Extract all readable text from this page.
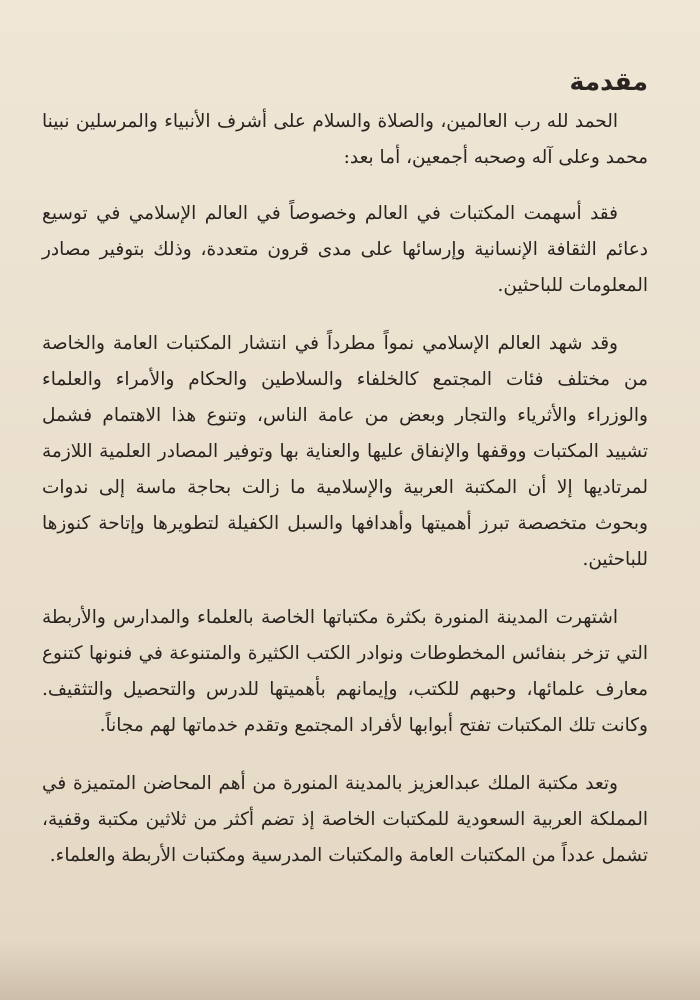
مقدمة

الحمد لله رب العالمين، والصلاة والسلام على أشرف الأنبياء والمرسلين نبينا محمد وعلى آله وصحبه أجمعين، أما بعد:

فقد أسهمت المكتبات في العالم وخصوصاً في العالم الإسلامي في توسيع دعائم الثقافة الإنسانية وإرسائها على مدى قرون متعددة، وذلك بتوفير مصادر المعلومات للباحثين.

وقد شهد العالم الإسلامي نمواً مطرداً في انتشار المكتبات العامة والخاصة من مختلف فئات المجتمع كالخلفاء والسلاطين والحكام والأمراء والعلماء والوزراء والأثرياء والتجار وبعض من عامة الناس، وتنوع هذا الاهتمام فشمل تشييد المكتبات ووقفها والإنفاق عليها والعناية بها وتوفير المصادر العلمية اللازمة لمرتاديها إلا أن المكتبة العربية والإسلامية ما زالت بحاجة ماسة إلى ندوات وبحوث متخصصة تبرز أهميتها وأهدافها والسبل الكفيلة لتطويرها وإتاحة كنوزها للباحثين.

اشتهرت المدينة المنورة بكثرة مكتباتها الخاصة بالعلماء والمدارس والأربطة التي تزخر بنفائس المخطوطات ونوادر الكتب الكثيرة والمتنوعة في فنونها كتنوع معارف علمائها، وحبهم للكتب، وإيمانهم بأهميتها للدرس والتحصيل والتثقيف. وكانت تلك المكتبات تفتح أبوابها لأفراد المجتمع وتقدم خدماتها لهم مجاناً.

وتعد مكتبة الملك عبدالعزيز بالمدينة المنورة من أهم المحاضن المتميزة في المملكة العربية السعودية للمكتبات الخاصة إذ تضم أكثر من ثلاثين مكتبة وقفية، تشمل عدداً من المكتبات العامة والمكتبات المدرسية ومكتبات الأربطة والعلماء.
